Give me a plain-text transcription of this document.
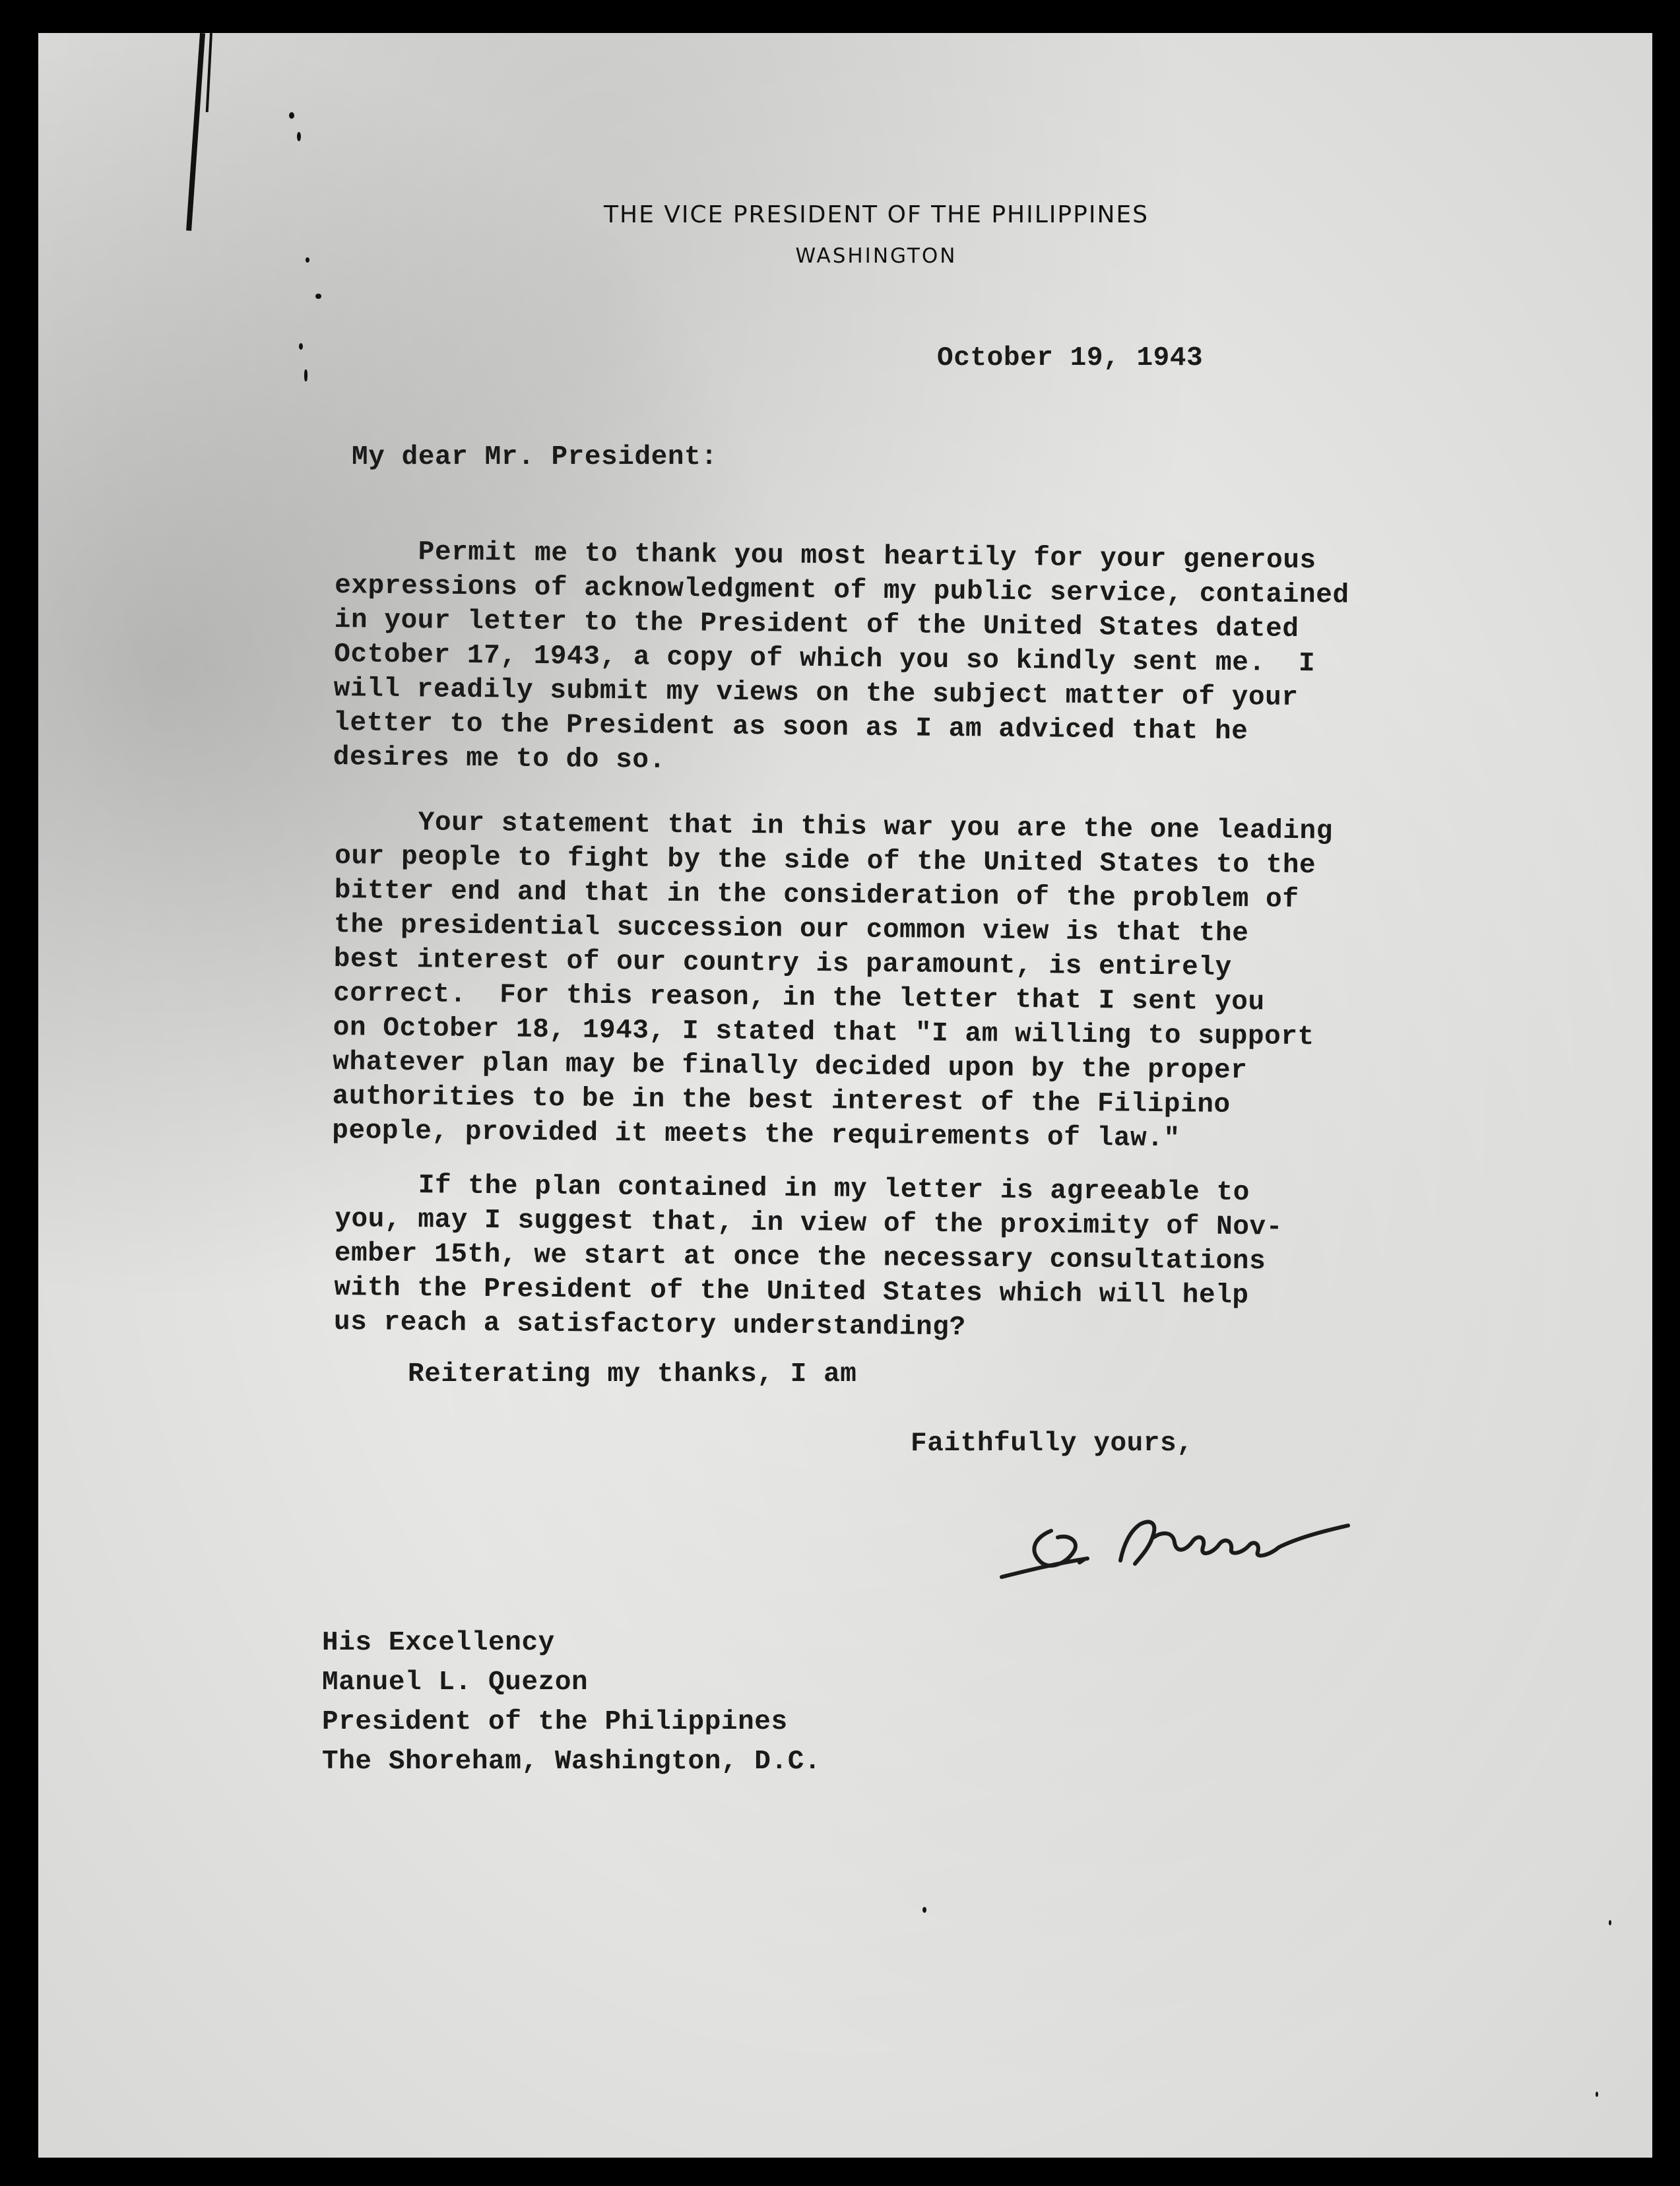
THE VICE PRESIDENT OF THE PHILIPPINES
WASHINGTON
October 19, 1943
My dear Mr. President:
Permit me to thank you most heartily for your generous
expressions of acknowledgment of my public service, contained
in your letter to the President of the United States dated
October 17, 1943, a copy of which you so kindly sent me.  I
will readily submit my views on the subject matter of your
letter to the President as soon as I am adviced that he
desires me to do so.
Your statement that in this war you are the one leading
our people to fight by the side of the United States to the
bitter end and that in the consideration of the problem of
the presidential succession our common view is that the
best interest of our country is paramount, is entirely
correct.  For this reason, in the letter that I sent you
on October 18, 1943, I stated that "I am willing to support
whatever plan may be finally decided upon by the proper
authorities to be in the best interest of the Filipino
people, provided it meets the requirements of law."
If the plan contained in my letter is agreeable to
you, may I suggest that, in view of the proximity of Nov-
ember 15th, we start at once the necessary consultations
with the President of the United States which will help
us reach a satisfactory understanding?
Reiterating my thanks, I am
Faithfully yours,
His Excellency
Manuel L. Quezon
President of the Philippines
The Shoreham, Washington, D.C.
